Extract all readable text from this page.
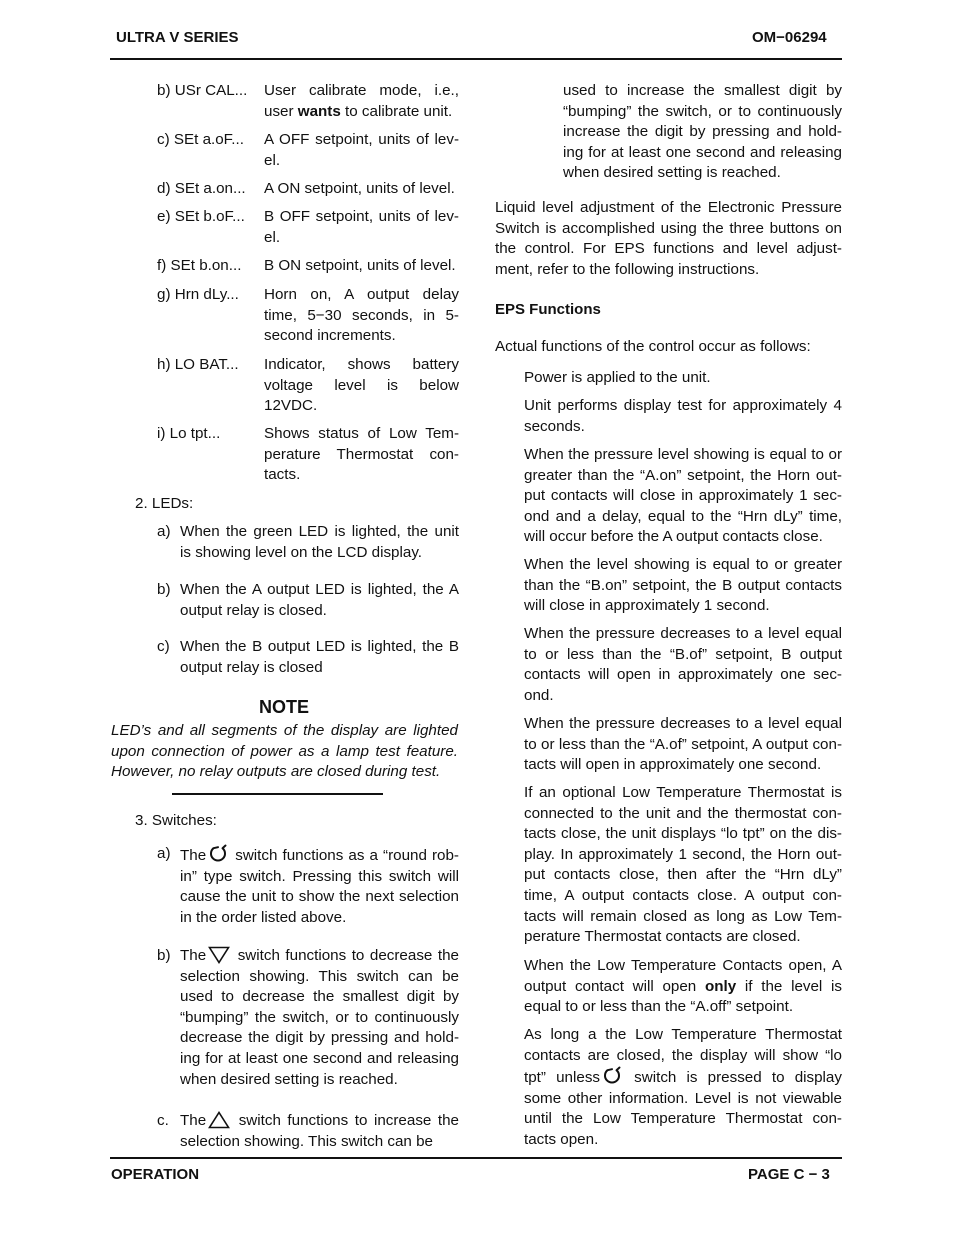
ULTRA V SERIES	OM−06294
b) USr CAL...	User calibrate mode, i.e., user wants to calibrate unit.
c) SEt a.oF...	A OFF setpoint, units of lev-el.
d) SEt a.on...	A ON setpoint, units of level.
e) SEt b.oF...	B OFF setpoint, units of lev-el.
f) SEt b.on...	B ON setpoint, units of level.
g) Hrn dLy...	Horn on, A output delay time, 5−30 seconds, in 5-second increments.
h) LO BAT...	Indicator, shows battery voltage level is below 12VDC.
i) Lo tpt...	Shows status of Low Tem-perature Thermostat con-tacts.
2. LEDs:
a) When the green LED is lighted, the unit is showing level on the LCD display.
b) When the A output LED is lighted, the A output relay is closed.
c) When the B output LED is lighted, the B output relay is closed
NOTE
LED’s and all segments of the display are lighted upon connection of power as a lamp test feature. However, no relay outputs are closed during test.
3. Switches:
a) The switch functions as a “round rob-in” type switch. Pressing this switch will cause the unit to show the next selection in the order listed above.
b) The switch functions to decrease the selection showing. This switch can be used to decrease the smallest digit by “bumping” the switch, or to continuously decrease the digit by pressing and hold-ing for at least one second and releasing when desired setting is reached.
c. The switch functions to increase the selection showing. This switch can be
used to increase the smallest digit by “bumping” the switch, or to continuously increase the digit by pressing and hold-ing for at least one second and releasing when desired setting is reached.
Liquid level adjustment of the Electronic Pressure Switch is accomplished using the three buttons on the control. For EPS functions and level adjust-ment, refer to the following instructions.
EPS Functions
Actual functions of the control occur as follows:
Power is applied to the unit.
Unit performs display test for approximately 4 seconds.
When the pressure level showing is equal to or greater than the “A.on” setpoint, the Horn out-put contacts will close in approximately 1 sec-ond and a delay, equal to the “Hrn dLy” time, will occur before the A output contacts close.
When the level showing is equal to or greater than the “B.on” setpoint, the B output contacts will close in approximately 1 second.
When the pressure decreases to a level equal to or less than the “B.of” setpoint, B output contacts will open in approximately one sec-ond.
When the pressure decreases to a level equal to or less than the “A.of” setpoint, A output con-tacts will open in approximately one second.
If an optional Low Temperature Thermostat is connected to the unit and the thermostat con-tacts close, the unit displays “lo tpt” on the dis-play. In approximately 1 second, the Horn out-put contacts close, then after the “Hrn dLy” time, A output contacts close. A output con-tacts will remain closed as long as Low Tem-perature Thermostat contacts are closed.
When the Low Temperature Contacts open, A output contact will open only if the level is equal to or less than the “A.off” setpoint.
As long a the Low Temperature Thermostat contacts are closed, the display will show “lo tpt” unless switch is pressed to display some other information. Level is not viewable until the Low Temperature Thermostat con-tacts open.
OPERATION	PAGE C − 3
